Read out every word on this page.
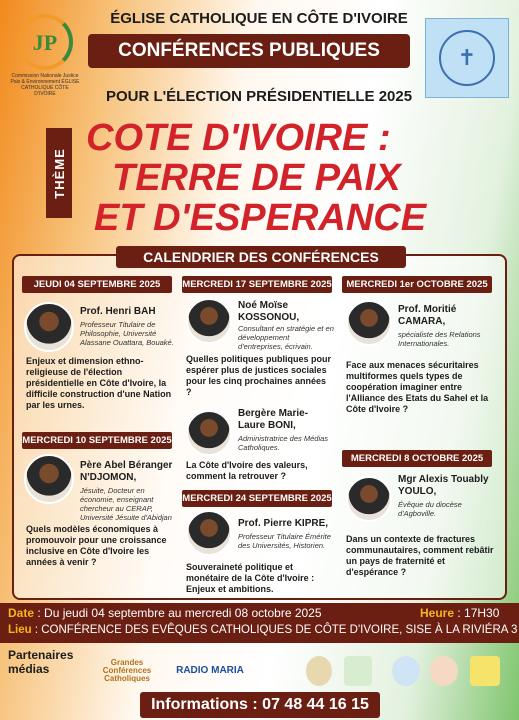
JP
Commission Nationale Justice Paix & Environnement ÉGLISE CATHOLIQUE CÔTE D'IVOIRE
✝
ÉGLISE CATHOLIQUE EN CÔTE D'IVOIRE
CONFÉRENCES PUBLIQUES
POUR L'ÉLECTION PRÉSIDENTIELLE 2025
THÈME
COTE D'IVOIRE :
TERRE DE PAIX
ET D'ESPERANCE
CALENDRIER DES CONFÉRENCES
JEUDI 04 SEPTEMBRE 2025
Prof. Henri BAH
Professeur Titulaire de Philosophie, Université Alassane Ouattara, Bouaké.
Enjeux et dimension ethno-religieuse de l'élection présidentielle en Côte d'Ivoire, la difficile construction d'une Nation par les urnes.
MERCREDI 10 SEPTEMBRE 2025
Père Abel Béranger N'DJOMON,
Jésuite, Docteur en économie, enseignant chercheur au CERAP, Université Jésuite d'Abidjan
Quels modèles économiques à promouvoir pour une croissance inclusive en Côte d'Ivoire les années à venir ?
MERCREDI 17 SEPTEMBRE 2025
Noé Moïse KOSSONOU,
Consultant en stratégie et en développement d'entreprises, écrivain.
Quelles politiques publiques pour espérer plus de justices sociales pour les cinq prochaines années ?
Bergère Marie-Laure BONI,
Administratrice des Médias Catholiques.
La Côte d'Ivoire des valeurs, comment la retrouver ?
MERCREDI 24 SEPTEMBRE 2025
Prof. Pierre KIPRE,
Professeur Titulaire Émérite des Universités, Historien.
Souveraineté politique et monétaire de la Côte d'Ivoire : Enjeux et ambitions.
MERCREDI 1er OCTOBRE 2025
Prof. Moritié CAMARA,
spécialiste des Relations Internationales.
Face aux menaces sécuritaires multiformes quels types de coopération imaginer entre l'Alliance des Etats du Sahel et la Côte d'Ivoire ?
MERCREDI 8 OCTOBRE 2025
Mgr Alexis Touably YOULO,
Évêque du diocèse d'Agboville.
Dans un contexte de fractures communautaires, comment rebâtir un pays de fraternité et d'espérance ?
Date : Du jeudi 04 septembre au mercredi 08 octobre 2025	Heure : 17H30
Lieu : CONFÉRENCE DES EVÊQUES CATHOLIQUES DE CÔTE D'IVOIRE, SISE À LA RIVIÉRA 3
Partenaires médias	Grandes Conférences Catholiques
RADIO MARIA
Informations : 07 48 44 16 15
